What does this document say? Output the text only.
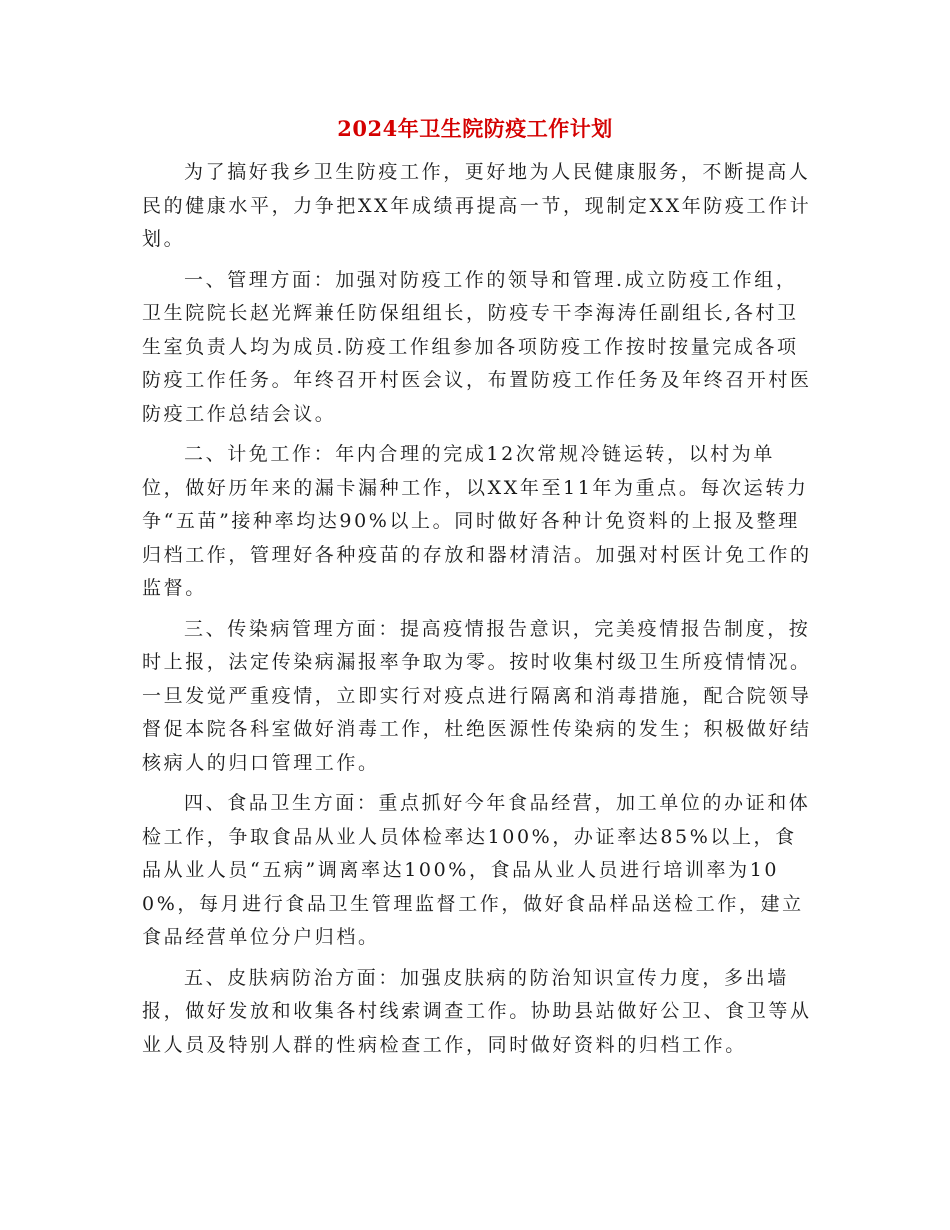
2024年卫生院防疫工作计划

为了搞好我乡卫生防疫工作，更好地为人民健康服务，不断提高人民的健康水平，力争把XX年成绩再提高一节，现制定XX年防疫工作计划。

一、管理方面：加强对防疫工作的领导和管理.成立防疫工作组，卫生院院长赵光辉兼任防保组组长，防疫专干李海涛任副组长,各村卫生室负责人均为成员.防疫工作组参加各项防疫工作按时按量完成各项防疫工作任务。年终召开村医会议，布置防疫工作任务及年终召开村医防疫工作总结会议。

二、计免工作：年内合理的完成12次常规冷链运转，以村为单位，做好历年来的漏卡漏种工作，以XX年至11年为重点。每次运转力争“五苗”接种率均达90%以上。同时做好各种计免资料的上报及整理归档工作，管理好各种疫苗的存放和器材清洁。加强对村医计免工作的监督。

三、传染病管理方面：提高疫情报告意识，完美疫情报告制度，按时上报，法定传染病漏报率争取为零。按时收集村级卫生所疫情情况。一旦发觉严重疫情，立即实行对疫点进行隔离和消毒措施，配合院领导督促本院各科室做好消毒工作，杜绝医源性传染病的发生；积极做好结核病人的归口管理工作。

四、食品卫生方面：重点抓好今年食品经营，加工单位的办证和体检工作，争取食品从业人员体检率达100%，办证率达85%以上，食品从业人员“五病”调离率达100%，食品从业人员进行培训率为100%，每月进行食品卫生管理监督工作，做好食品样品送检工作，建立食品经营单位分户归档。

五、皮肤病防治方面：加强皮肤病的防治知识宣传力度，多出墙报，做好发放和收集各村线索调查工作。协助县站做好公卫、食卫等从业人员及特别人群的性病检查工作，同时做好资料的归档工作。
